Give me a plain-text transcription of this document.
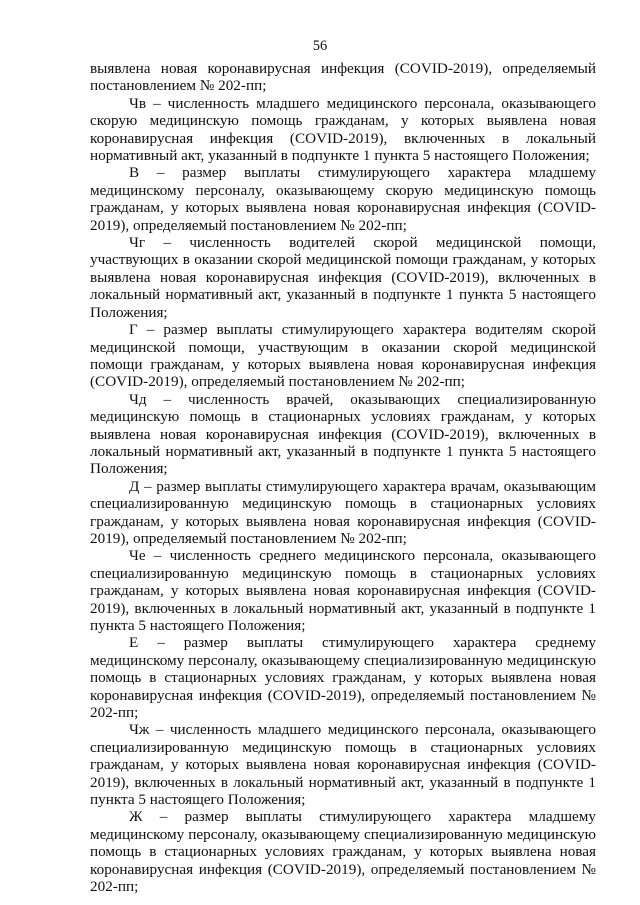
56

выявлена новая коронавирусная инфекция (COVID-2019), определяемый постановлением № 202-пп;

Чв – численность младшего медицинского персонала, оказывающего скорую медицинскую помощь гражданам, у которых выявлена новая коронавирусная инфекция (COVID-2019), включенных в локальный нормативный акт, указанный в подпункте 1 пункта 5 настоящего Положения;

В – размер выплаты стимулирующего характера младшему медицинскому персоналу, оказывающему скорую медицинскую помощь гражданам, у которых выявлена новая коронавирусная инфекция (COVID-2019), определяемый постановлением № 202-пп;

Чг – численность водителей скорой медицинской помощи, участвующих в оказании скорой медицинской помощи гражданам, у которых выявлена новая коронавирусная инфекция (COVID-2019), включенных в локальный нормативный акт, указанный в подпункте 1 пункта 5 настоящего Положения;

Г – размер выплаты стимулирующего характера водителям скорой медицинской помощи, участвующим в оказании скорой медицинской помощи гражданам, у которых выявлена новая коронавирусная инфекция (COVID-2019), определяемый постановлением № 202-пп;

Чд – численность врачей, оказывающих специализированную медицинскую помощь в стационарных условиях гражданам, у которых выявлена новая коронавирусная инфекция (COVID-2019), включенных в локальный нормативный акт, указанный в подпункте 1 пункта 5 настоящего Положения;

Д – размер выплаты стимулирующего характера врачам, оказывающим специализированную медицинскую помощь в стационарных условиях гражданам, у которых выявлена новая коронавирусная инфекция (COVID-2019), определяемый постановлением № 202-пп;

Че – численность среднего медицинского персонала, оказывающего специализированную медицинскую помощь в стационарных условиях гражданам, у которых выявлена новая коронавирусная инфекция (COVID-2019), включенных в локальный нормативный акт, указанный в подпункте 1 пункта 5 настоящего Положения;

Е – размер выплаты стимулирующего характера среднему медицинскому персоналу, оказывающему специализированную медицинскую помощь в стационарных условиях гражданам, у которых выявлена новая коронавирусная инфекция (COVID-2019), определяемый постановлением № 202-пп;

Чж – численность младшего медицинского персонала, оказывающего специализированную медицинскую помощь в стационарных условиях гражданам, у которых выявлена новая коронавирусная инфекция (COVID-2019), включенных в локальный нормативный акт, указанный в подпункте 1 пункта 5 настоящего Положения;

Ж – размер выплаты стимулирующего характера младшему медицинскому персоналу, оказывающему специализированную медицинскую помощь в стационарных условиях гражданам, у которых выявлена новая коронавирусная инфекция (COVID-2019), определяемый постановлением № 202-пп;
